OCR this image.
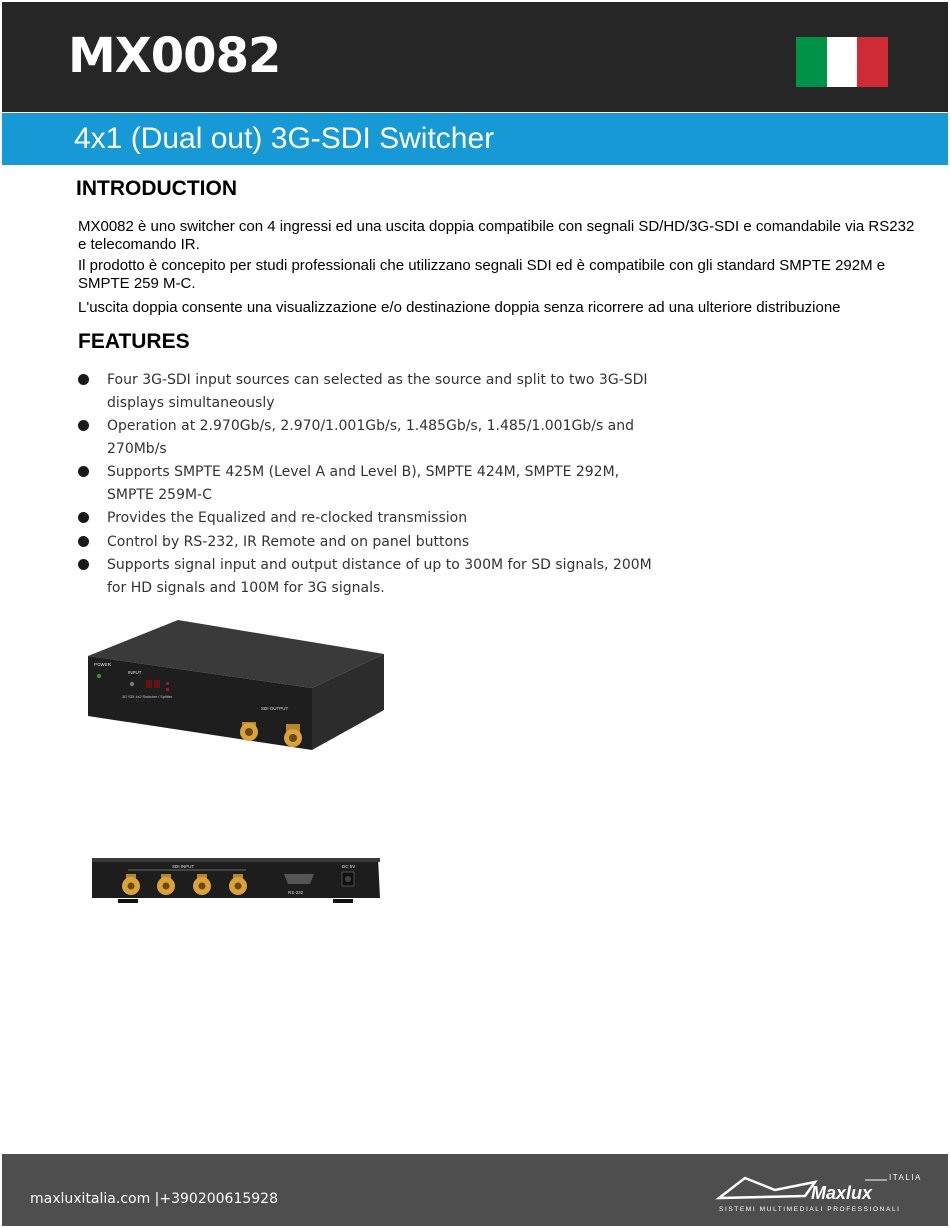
MX0082
4x1 (Dual out) 3G-SDI Switcher
INTRODUCTION

MX0082 è uno switcher con 4 ingressi ed una uscita doppia compatibile con segnali SD/HD/3G-SDI e comandabile via RS232 e telecomando IR.

Il prodotto è concepito per studi professionali che utilizzano segnali SDI ed è compatibile con gli standard SMPTE 292M e SMPTE 259 M-C.

L'uscita doppia consente una visualizzazione e/o destinazione doppia senza ricorrere ad una ulteriore distribuzione

FEATURES
Four 3G-SDI input sources can selected as the source and split to two 3G-SDI displays simultaneously
Operation at 2.970Gb/s, 2.970/1.001Gb/s, 1.485Gb/s, 1.485/1.001Gb/s and 270Mb/s
Supports SMPTE 425M (Level A and Level B), SMPTE 424M, SMPTE 292M, SMPTE 259M-C
Provides the Equalized and re-clocked transmission
Control by RS-232, IR Remote and on panel buttons
Supports signal input and output distance of up to 300M for SD signals, 200M for HD signals and 100M for 3G signals.
POWER
INPUT
3G SDI 4x2 Switcher / Splitter
SDI OUTPUT
SDI INPUT
RS-232
DC 5V
maxluxitalia.com |+390200615928
ITALIA
Maxlux
SISTEMI MULTIMEDIALI PROFESSIONALI
